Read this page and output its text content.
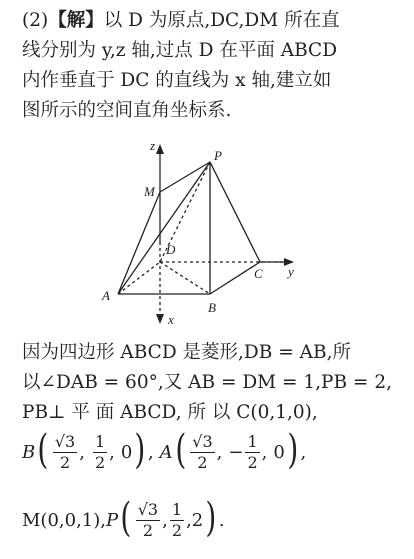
(2)【解】以 D 为原点,DC,DM 所在直
线分别为 y,z 轴,过点 D 在平面 ABCD
内作垂直于 DC 的直线为 x 轴,建立如
图所示的空间直角坐标系.
z
P
M
D
C y
A
B
x
因为四边形 ABCD 是菱形,DB = AB,所
以∠DAB = 60°,又 AB = DM = 1,PB = 2,
PB⊥ 平 面 ABCD, 所 以 C(0,1,0),
B ( $\frac{√3}{2}$ , $\frac{1}{2}$ , 0 ) , A ( $\frac{√3}{2}$ , − $\frac{1}{2}$ , 0 ) ,
M(0,0,1), P ( $\frac{√3}{2}$ , $\frac{1}{2}$ , 2 ) .
